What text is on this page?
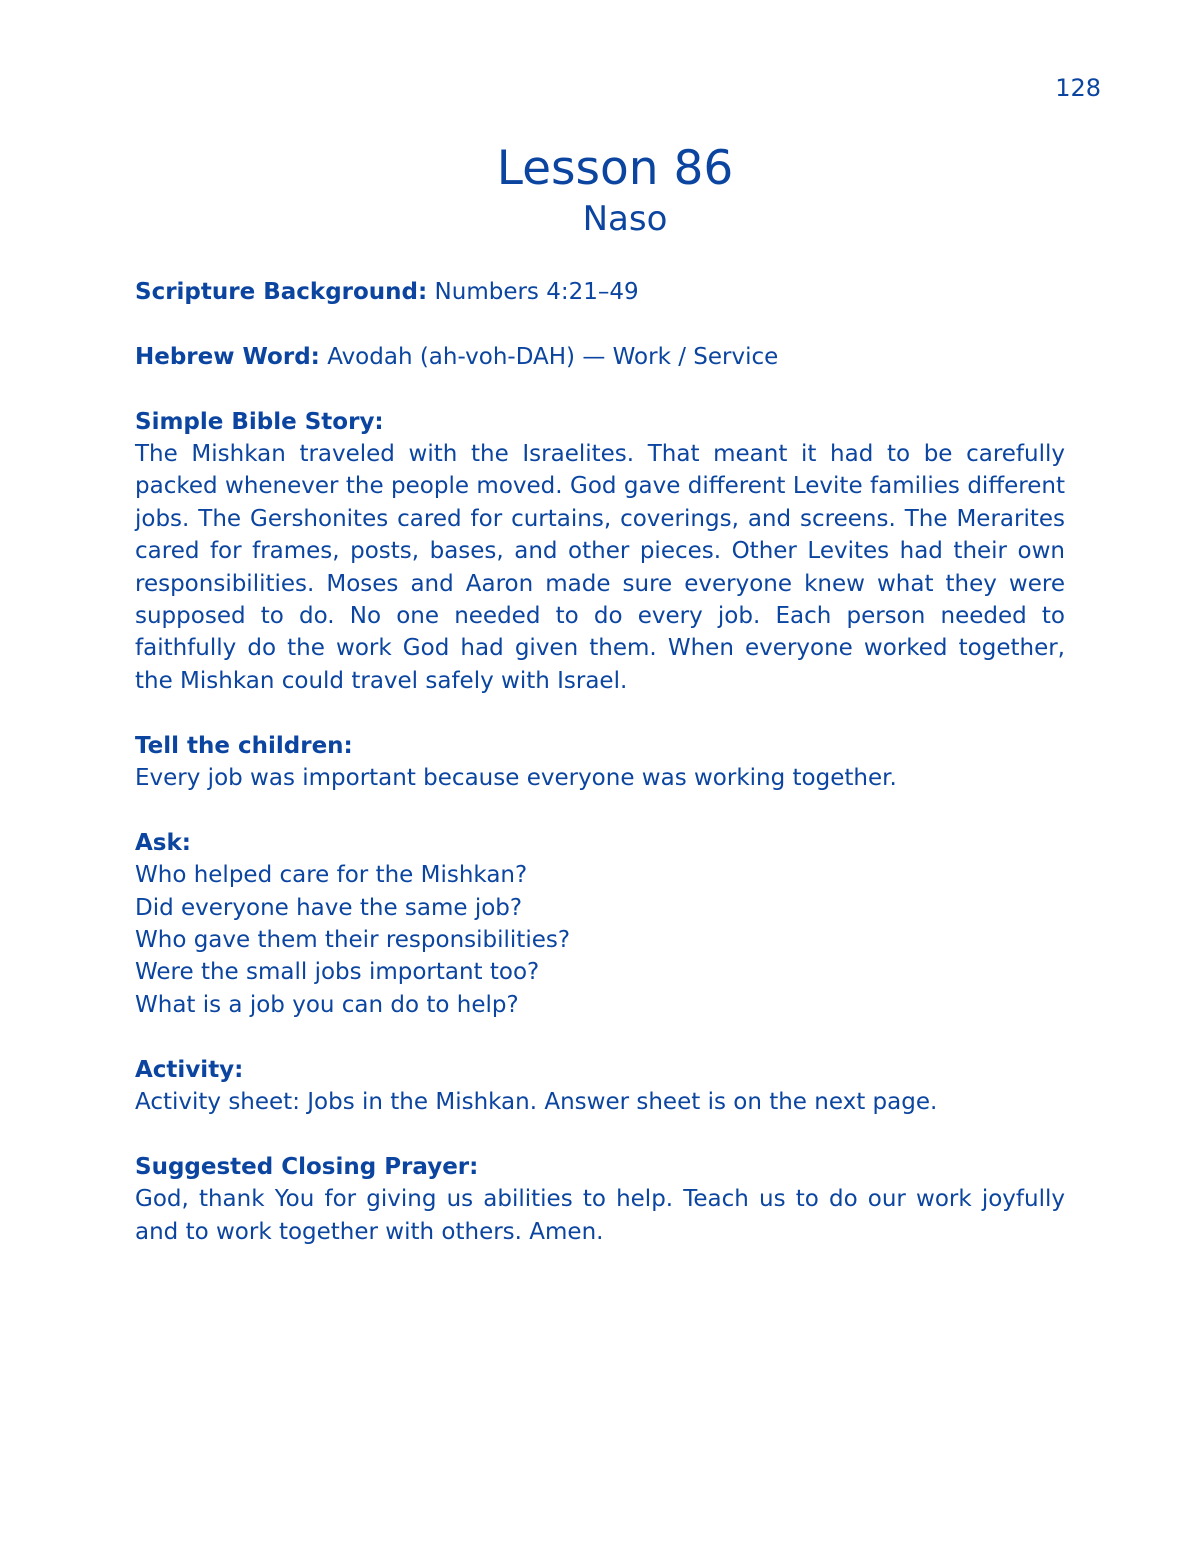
128
Lesson 86
Naso

Scripture Background: Numbers 4:21–49

Hebrew Word: Avodah (ah-voh-DAH) — Work / Service

Simple Bible Story:
The Mishkan traveled with the Israelites. That meant it had to be carefully packed whenever the people moved. God gave different Levite families different jobs. The Gershonites cared for curtains, coverings, and screens. The Merarites cared for frames, posts, bases, and other pieces. Other Levites had their own responsibilities. Moses and Aaron made sure everyone knew what they were supposed to do. No one needed to do every job. Each person needed to faithfully do the work God had given them. When everyone worked together, the Mishkan could travel safely with Israel.
Tell the children:
Every job was important because everyone was working together.
Ask:
Who helped care for the Mishkan?
Did everyone have the same job?
Who gave them their responsibilities?
Were the small jobs important too?
What is a job you can do to help?
Activity:
Activity sheet: Jobs in the Mishkan. Answer sheet is on the next page.
Suggested Closing Prayer:
God, thank You for giving us abilities to help. Teach us to do our work joyfully and to work together with others. Amen.
